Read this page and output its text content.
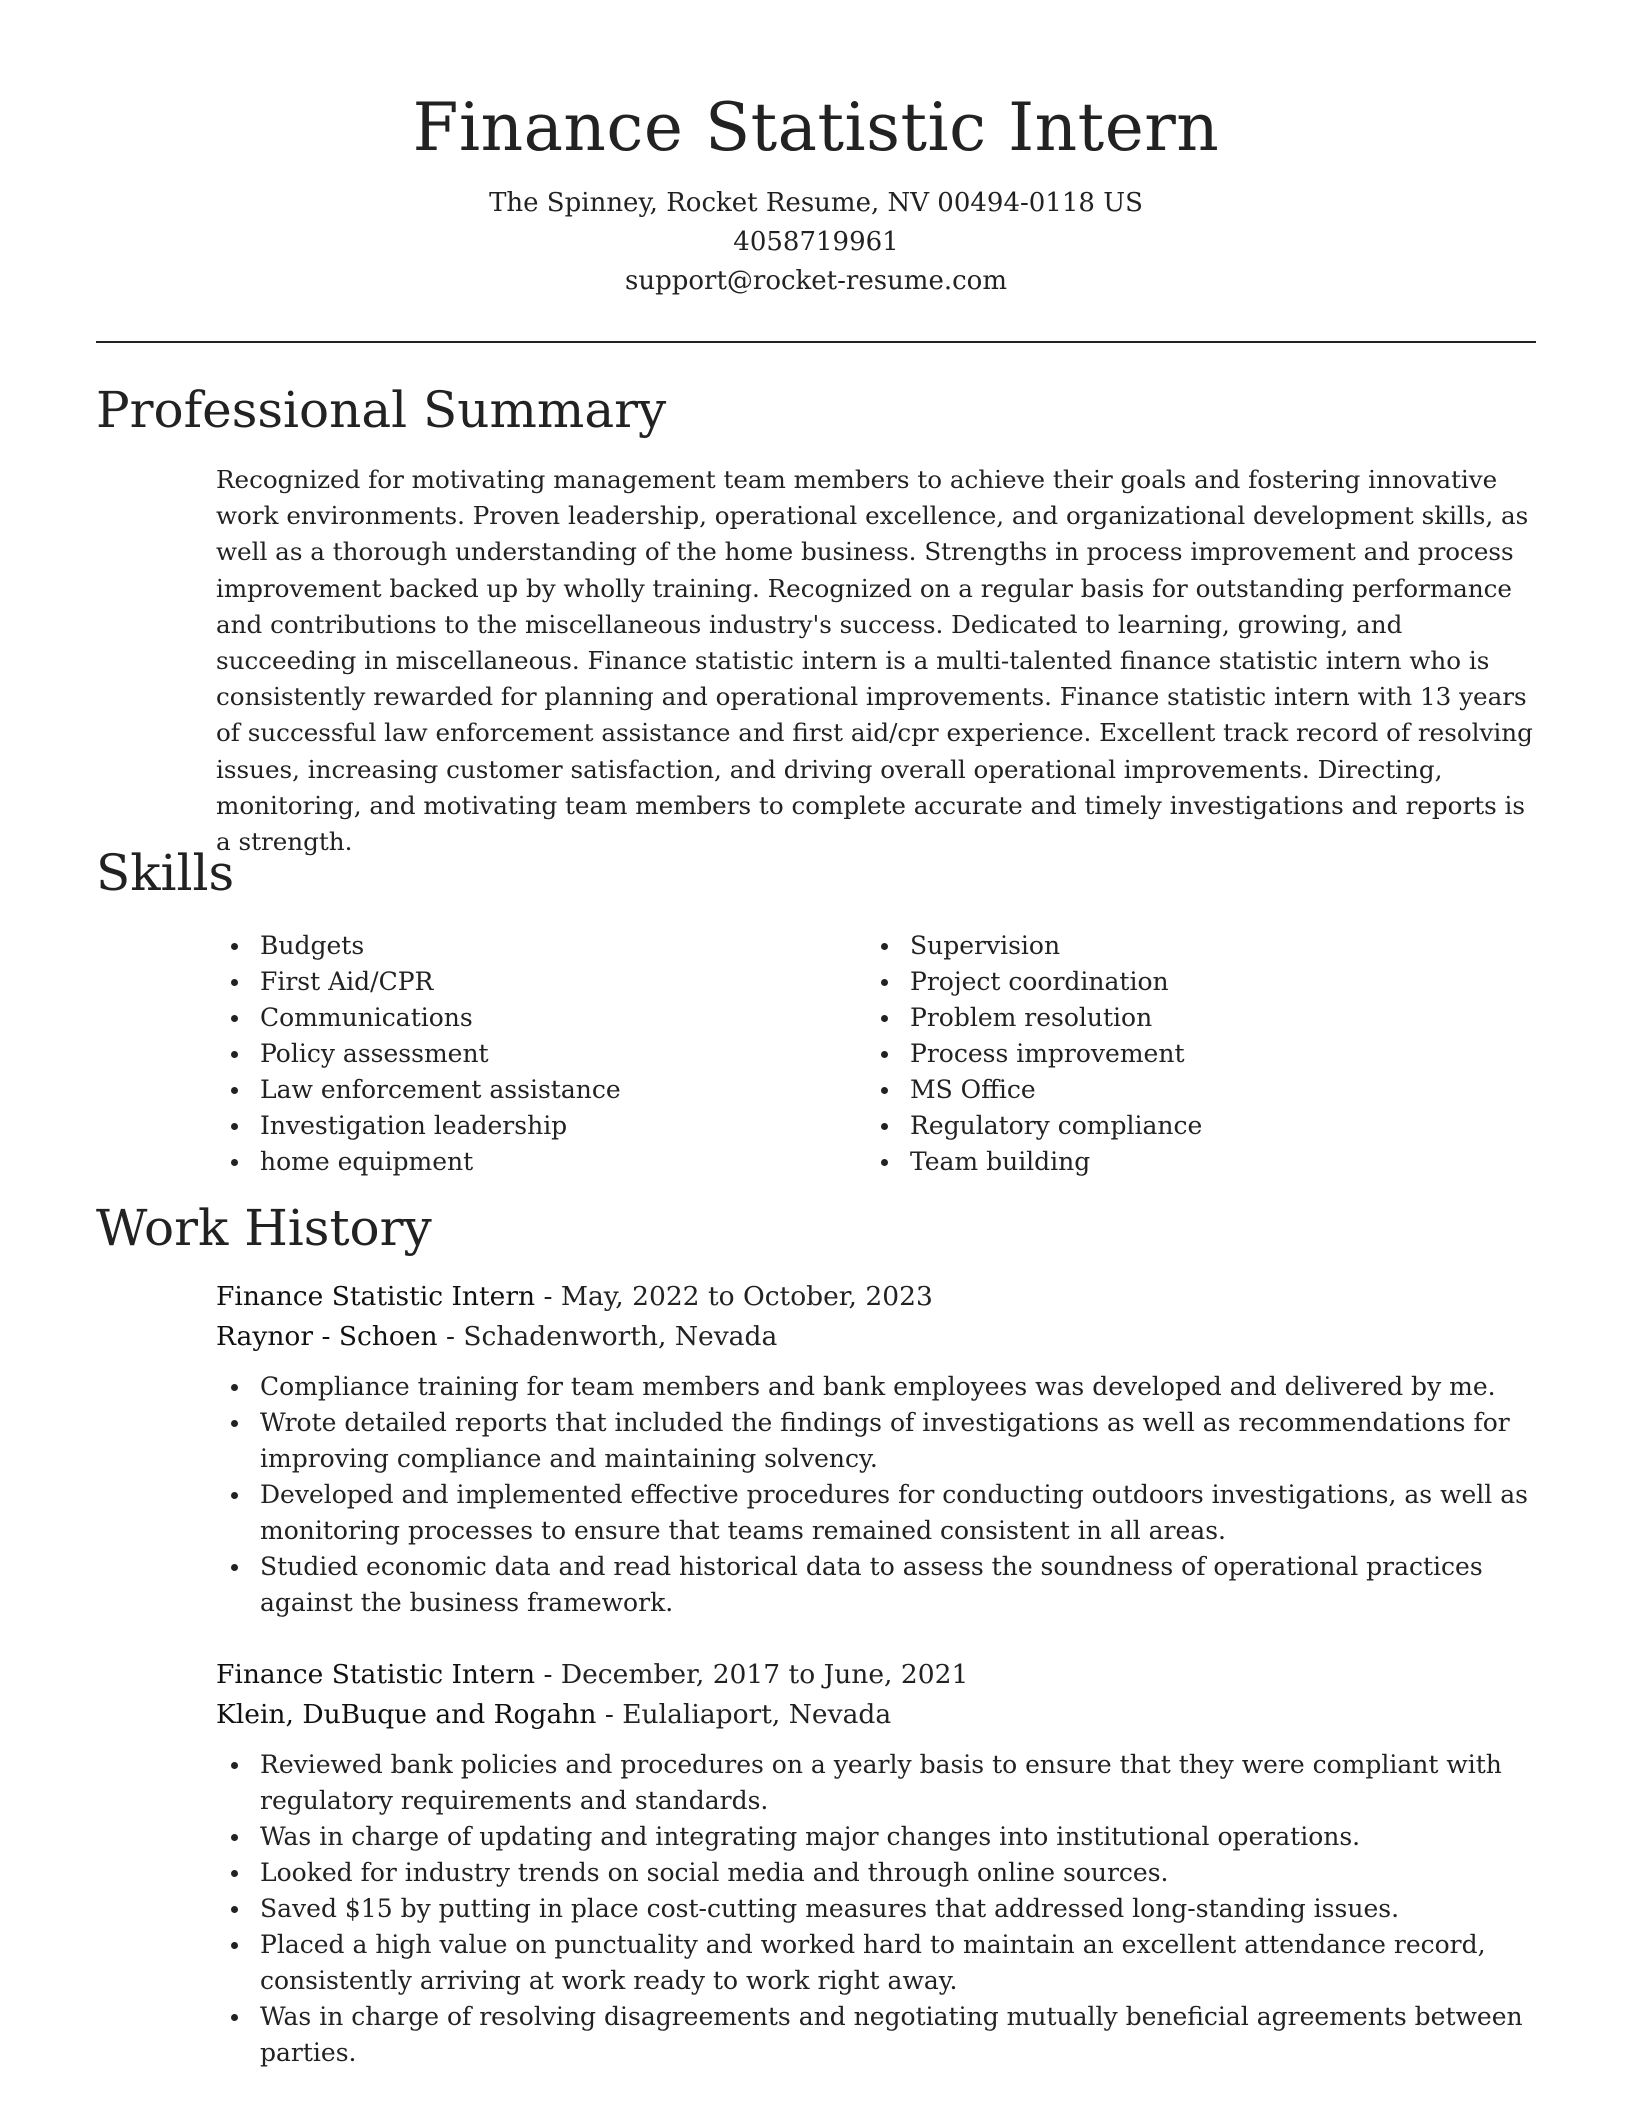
Finance Statistic Intern
The Spinney, Rocket Resume, NV 00494-0118 US
4058719961
support@rocket-resume.com
Professional Summary

Recognized for motivating management team members to achieve their goals and fostering innovative work environments. Proven leadership, operational excellence, and organizational development skills, as well as a thorough understanding of the home business. Strengths in process improvement and process improvement backed up by wholly training. Recognized on a regular basis for outstanding performance and contributions to the miscellaneous industry's success. Dedicated to learning, growing, and succeeding in miscellaneous. Finance statistic intern is a multi-talented finance statistic intern who is consistently rewarded for planning and operational improvements. Finance statistic intern with 13 years of successful law enforcement assistance and first aid/cpr experience. Excellent track record of resolving issues, increasing customer satisfaction, and driving overall operational improvements. Directing, monitoring, and motivating team members to complete accurate and timely investigations and reports is a strength.

Skills
Budgets
First Aid/CPR
Communications
Policy assessment
Law enforcement assistance
Investigation leadership
home equipment
Supervision
Project coordination
Problem resolution
Process improvement
MS Office
Regulatory compliance
Team building
Work History
Finance Statistic Intern - May, 2022 to October, 2023
Raynor - Schoen - Schadenworth, Nevada
Compliance training for team members and bank employees was developed and delivered by me.
Wrote detailed reports that included the findings of investigations as well as recommendations for improving compliance and maintaining solvency.
Developed and implemented effective procedures for conducting outdoors investigations, as well as monitoring processes to ensure that teams remained consistent in all areas.
Studied economic data and read historical data to assess the soundness of operational practices against the business framework.
Finance Statistic Intern - December, 2017 to June, 2021
Klein, DuBuque and Rogahn - Eulaliaport, Nevada
Reviewed bank policies and procedures on a yearly basis to ensure that they were compliant with regulatory requirements and standards.
Was in charge of updating and integrating major changes into institutional operations.
Looked for industry trends on social media and through online sources.
Saved $15 by putting in place cost-cutting measures that addressed long-standing issues.
Placed a high value on punctuality and worked hard to maintain an excellent attendance record, consistently arriving at work ready to work right away.
Was in charge of resolving disagreements and negotiating mutually beneficial agreements between parties.
